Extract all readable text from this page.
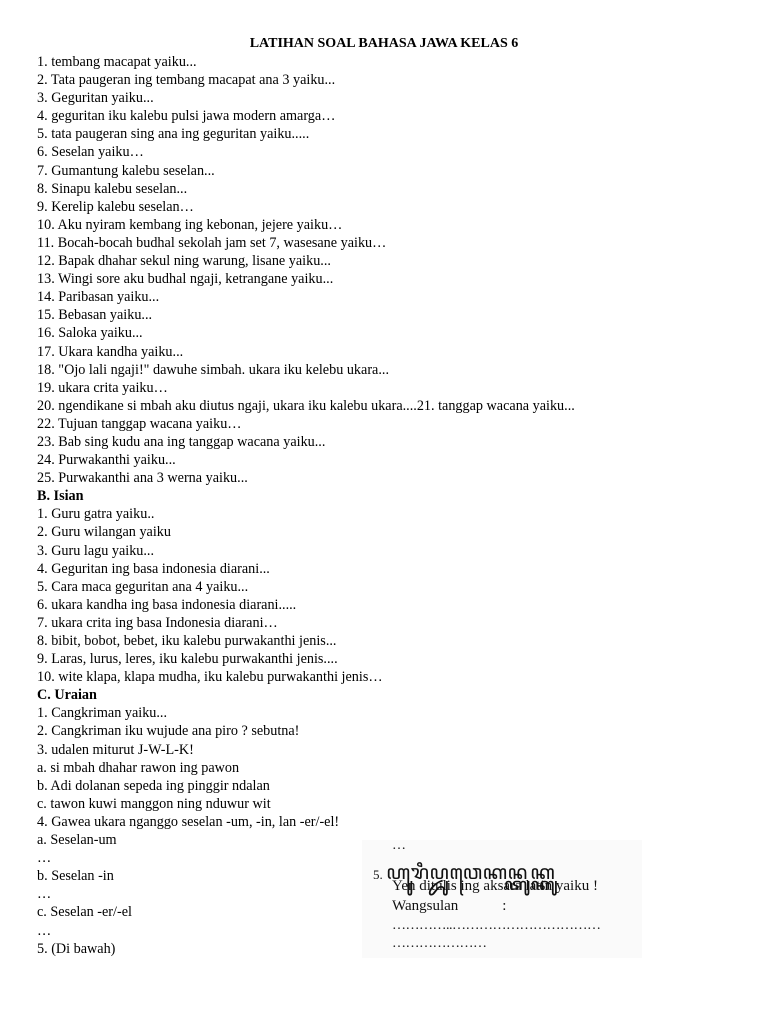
LATIHAN SOAL BAHASA JAWA KELAS 6
1. tembang macapat yaiku...
2. Tata paugeran ing tembang macapat ana 3 yaiku...
3. Geguritan yaiku...
4. geguritan iku kalebu pulsi jawa modern amarga…
5. tata paugeran sing ana ing geguritan yaiku.....
6. Seselan yaiku…
7. Gumantung kalebu seselan...
8. Sinapu kalebu seselan...
9. Kerelip kalebu seselan…
10. Aku nyiram kembang ing kebonan, jejere yaiku…
11. Bocah-bocah budhal sekolah jam set 7, wasesane yaiku…
12. Bapak dhahar sekul ning warung, lisane yaiku...
13. Wingi sore aku budhal ngaji, ketrangane yaiku...
14. Paribasan yaiku...
15. Bebasan yaiku...
16. Saloka yaiku...
17. Ukara kandha yaiku...
18. "Ojo lali ngaji!" dawuhe simbah. ukara iku kelebu ukara...
19. ukara crita yaiku…
20. ngendikane si mbah aku diutus ngaji, ukara iku kalebu ukara....21. tanggap wacana yaiku...
22. Tujuan tanggap wacana yaiku…
23. Bab sing kudu ana ing tanggap wacana yaiku...
24. Purwakanthi yaiku...
25. Purwakanthi ana 3 werna yaiku...
B. Isian
1. Guru gatra yaiku..
2. Guru wilangan yaiku
3. Guru lagu yaiku...
4. Geguritan ing basa indonesia diarani...
5. Cara maca geguritan ana 4 yaiku...
6. ukara kandha ing basa indonesia diarani.....
7. ukara crita ing basa Indonesia diarani…
8. bibit, bobot, bebet, iku kalebu purwakanthi jenis...
9. Laras, lurus, leres, iku kalebu purwakanthi jenis....
10. wite klapa, klapa mudha, iku kalebu purwakanthi jenis…
C. Uraian
1. Cangkriman yaiku...
2. Cangkriman iku wujude ana piro ? sebutna!
3. udalen miturut J-W-L-K!
a. si mbah dhahar rawon ing pawon
b. Adi dolanan sepeda ing pinggir ndalan
c. tawon kuwi manggon ning nduwur wit
4. Gawea ukara nganggo seselan -um, -in, lan -er/-el!
a. Seselan-um
…
b. Seselan -in
…
c. Seselan -er/-el
…
5. (Di bawah)
…
5. ꦲꦸꦫꦶꦥ꧀ꦢꦸꦮꦺꦏꦤ꧀ꦠꦸꦏ꧀ꦏꦸ
Yen ditulis ing aksara latin yaiku !
Wangsulan	:
…………..……………………………
…………………
